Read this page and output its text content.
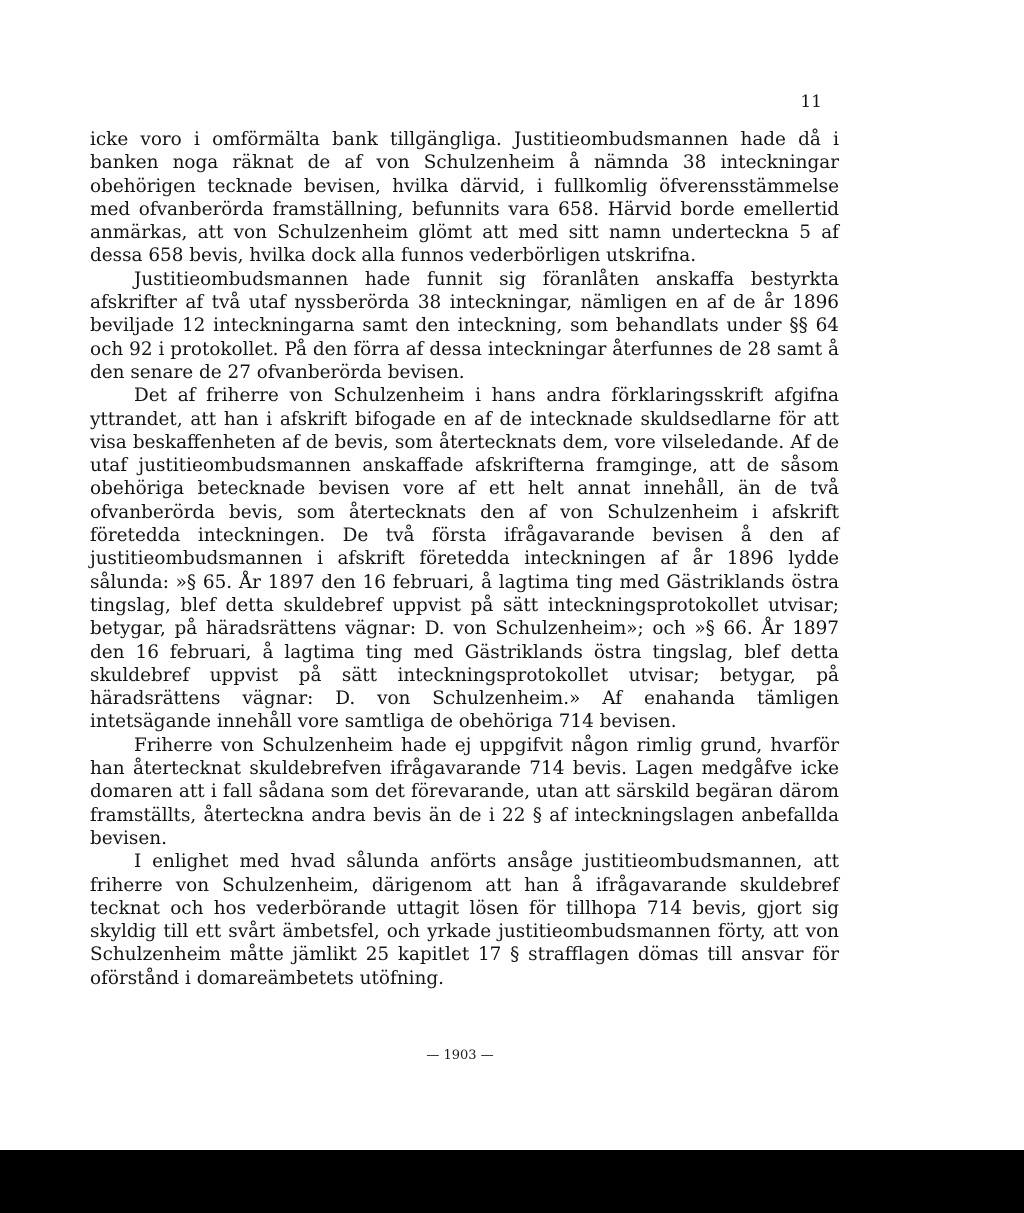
11

icke voro i omförmälta bank tillgängliga. Justitieombudsmannen hade då i banken noga räknat de af von Schulzenheim å nämnda 38 inteckningar obehörigen tecknade bevisen, hvilka därvid, i fullkomlig öfverensstämmelse med ofvanberörda framställning, befunnits vara 658. Härvid borde emellertid anmärkas, att von Schulzenheim glömt att med sitt namn underteckna 5 af dessa 658 bevis, hvilka dock alla funnos vederbörligen utskrifna.

Justitieombudsmannen hade funnit sig föranlåten anskaffa bestyrkta afskrifter af två utaf nyssberörda 38 inteckningar, nämligen en af de år 1896 beviljade 12 inteckningarna samt den inteckning, som behandlats under §§ 64 och 92 i protokollet. På den förra af dessa inteckningar återfunnes de 28 samt å den senare de 27 ofvanberörda bevisen.

Det af friherre von Schulzenheim i hans andra förklaringsskrift afgifna yttrandet, att han i afskrift bifogade en af de intecknade skuldsedlarne för att visa beskaffenheten af de bevis, som återtecknats dem, vore vilseledande. Af de utaf justitieombudsmannen anskaffade afskrifterna framginge, att de såsom obehöriga betecknade bevisen vore af ett helt annat innehåll, än de två ofvanberörda bevis, som återtecknats den af von Schulzenheim i afskrift företedda inteckningen. De två första ifrågavarande bevisen å den af justitieombudsmannen i afskrift företedda inteckningen af år 1896 lydde sålunda: »§ 65. År 1897 den 16 februari, å lagtima ting med Gästriklands östra tingslag, blef detta skuldebref uppvist på sätt inteckningsprotokollet utvisar; betygar, på häradsrättens vägnar: D. von Schulzenheim»; och »§ 66. År 1897 den 16 februari, å lagtima ting med Gästriklands östra tingslag, blef detta skuldebref uppvist på sätt inteckningsprotokollet utvisar; betygar, på häradsrättens vägnar: D. von Schulzenheim.» Af enahanda tämligen intetsägande innehåll vore samtliga de obehöriga 714 bevisen.

Friherre von Schulzenheim hade ej uppgifvit någon rimlig grund, hvarför han återtecknat skuldebrefven ifrågavarande 714 bevis. Lagen medgåfve icke domaren att i fall sådana som det förevarande, utan att särskild begäran därom framställts, återteckna andra bevis än de i 22 § af inteckningslagen anbefallda bevisen.

I enlighet med hvad sålunda anförts ansåge justitieombudsmannen, att friherre von Schulzenheim, därigenom att han å ifrågavarande skuldebref tecknat och hos vederbörande uttagit lösen för tillhopa 714 bevis, gjort sig skyldig till ett svårt ämbetsfel, och yrkade justitieombudsmannen förty, att von Schulzenheim måtte jämlikt 25 kapitlet 17 § strafflagen dömas till ansvar för oförstånd i domareämbetets utöfning.

— 1903 —
